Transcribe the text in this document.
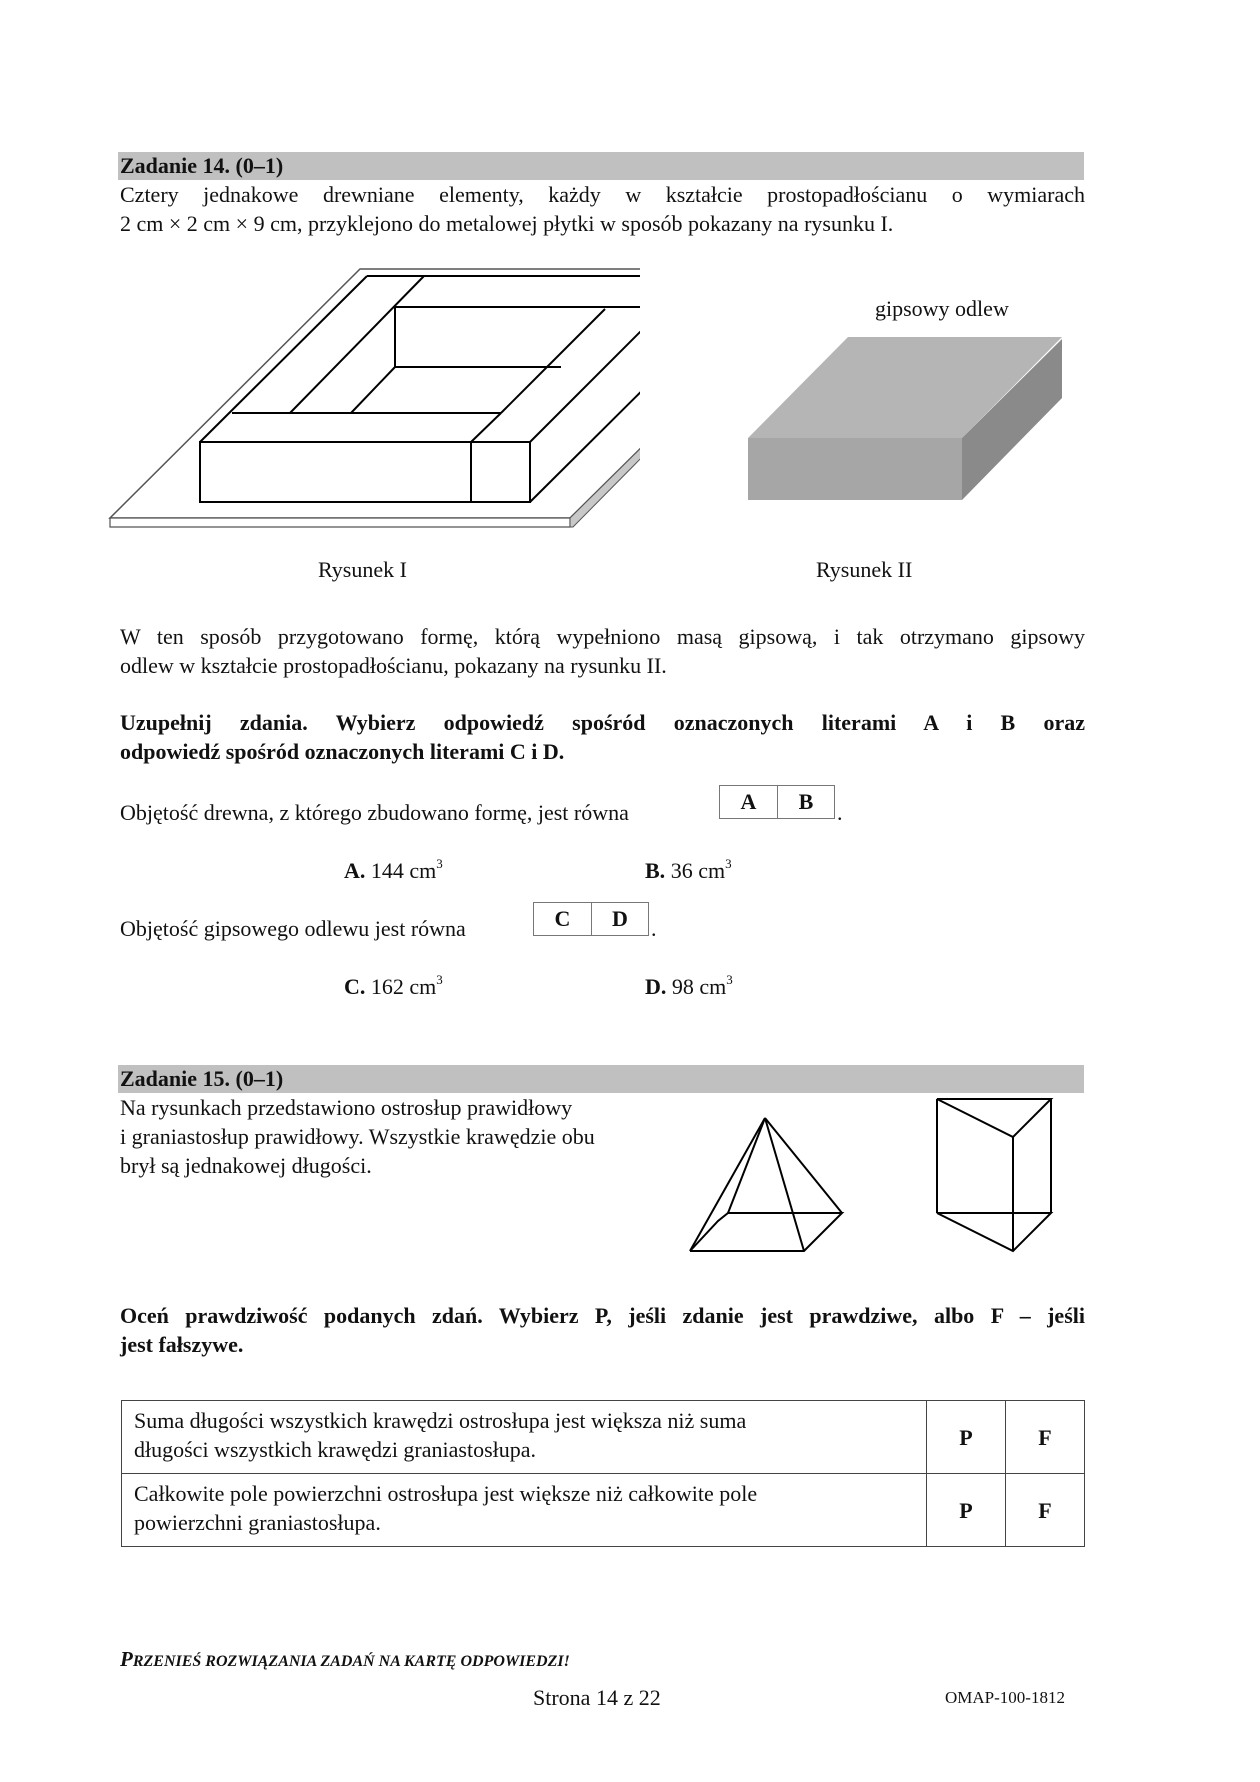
Zadanie 14. (0–1)
Cztery jednakowe drewniane elementy, każdy w kształcie prostopadłościanu o wymiarach
2 cm × 2 cm × 9 cm, przyklejono do metalowej płytki w sposób pokazany na rysunku I.
Rysunek I
gipsowy odlew
Rysunek II
W ten sposób przygotowano formę, którą wypełniono masą gipsową, i tak otrzymano gipsowy
odlew w kształcie prostopadłościanu, pokazany na rysunku II.
Uzupełnij zdania. Wybierz odpowiedź spośród oznaczonych literami A i B oraz
odpowiedź spośród oznaczonych literami C i D.
Objętość drewna, z którego zbudowano formę, jest równa	A	B	.
A. 144 $cm^3$	B. 36 $cm^3$
Objętość gipsowego odlewu jest równa	C	D	.
C. 162 $cm^3$	D. 98 $cm^3$
Zadanie 15. (0–1)
Na rysunkach przedstawiono ostrosłup prawidłowy
i graniastosłup prawidłowy. Wszystkie krawędzie obu
brył są jednakowej długości.
Oceń prawdziwość podanych zdań. Wybierz P, jeśli zdanie jest prawdziwe, albo F – jeśli
jest fałszywe.
Suma długości wszystkich krawędzi ostrosłupa jest większa niż suma
długości wszystkich krawędzi graniastosłupa.	P	F

Całkowite pole powierzchni ostrosłupa jest większe niż całkowite pole
powierzchni graniastosłupa.	P	F
PRZENIEŚ ROZWIĄZANIA ZADAŃ NA KARTĘ ODPOWIEDZI!
Strona 14 z 22	OMAP-100-1812
